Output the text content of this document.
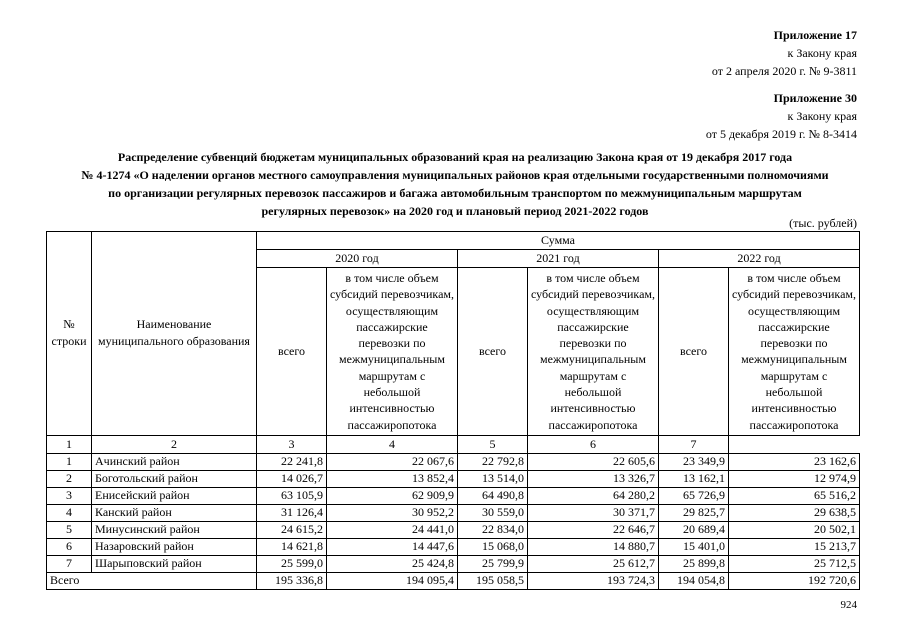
Приложение 17
к Закону края
от 2 апреля 2020 г. № 9-3811
Приложение 30
к Закону края
от 5 декабря 2019 г. № 8-3414
Распределение субвенций бюджетам муниципальных образований края на реализацию Закона края от 19 декабря 2017 года
№ 4-1274 «О наделении органов местного самоуправления муниципальных районов края отдельными государственными полномочиями
по организации регулярных перевозок пассажиров и багажа автомобильным транспортом по межмуниципальным маршрутам
регулярных перевозок» на 2020 год и плановый период 2021-2022 годов
(тыс. рублей)
№ строки	Наименование муниципального образования	Сумма					
		2020 год		2021 год		2022 год	
		всего	в том числе объем субсидий перевозчикам, осуществляющим пассажирские перевозки по межмуниципальным маршрутам с небольшой интенсивностью пассажиропотока	всего	в том числе объем субсидий перевозчикам, осуществляющим пассажирские перевозки по межмуниципальным маршрутам с небольшой интенсивностью пассажиропотока	всего	в том числе объем субсидий перевозчикам, осуществляющим пассажирские перевозки по межмуниципальным маршрутам с небольшой интенсивностью пассажиропотока
1	2	3	4	5	6	7	
1	Ачинский район	22 241,8	22 067,6	22 792,8	22 605,6	23 349,9	23 162,6
2	Боготольский район	14 026,7	13 852,4	13 514,0	13 326,7	13 162,1	12 974,9
3	Енисейский район	63 105,9	62 909,9	64 490,8	64 280,2	65 726,9	65 516,2
4	Канский район	31 126,4	30 952,2	30 559,0	30 371,7	29 825,7	29 638,5
5	Минусинский район	24 615,2	24 441,0	22 834,0	22 646,7	20 689,4	20 502,1
6	Назаровский район	14 621,8	14 447,6	15 068,0	14 880,7	15 401,0	15 213,7
7	Шарыповский район	25 599,0	25 424,8	25 799,9	25 612,7	25 899,8	25 712,5
Всего		195 336,8	194 095,4	195 058,5	193 724,3	194 054,8	192 720,6
924
